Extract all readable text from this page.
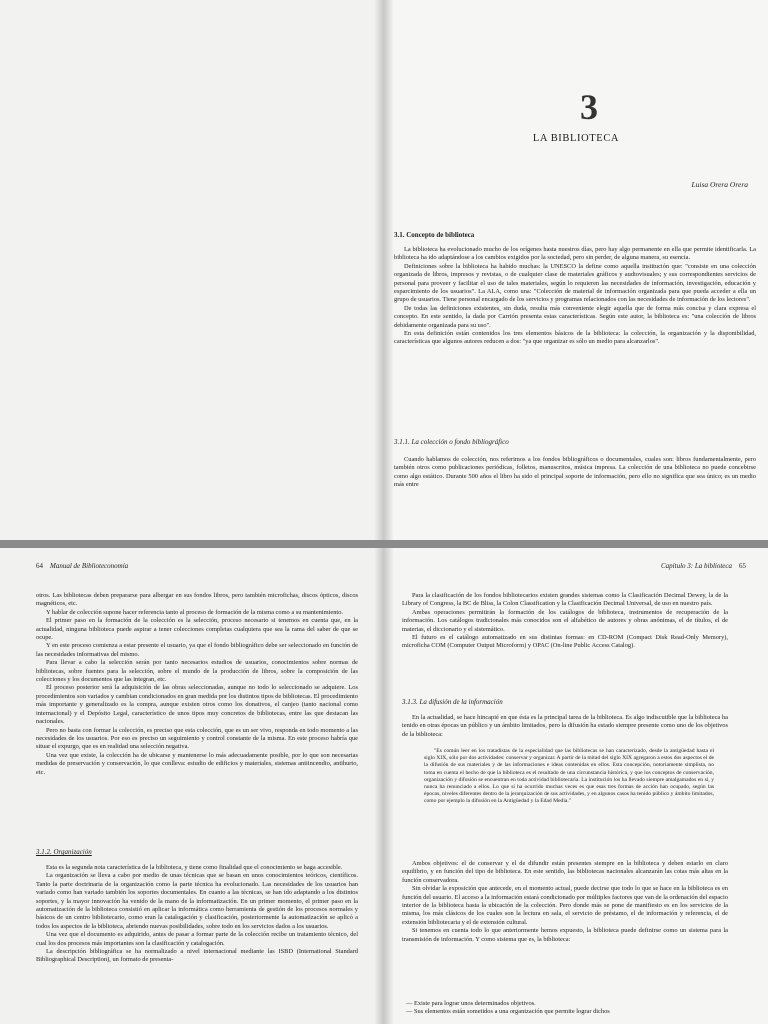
3
LA BIBLIOTECA
Luisa Orera Orera
3.1. Concepto de biblioteca

La biblioteca ha evolucionado mucho de los orígenes hasta nuestros días, pero hay algo permanente en ella que permite identificarla. La biblioteca ha ido adaptándose a los cambios exigidos por la sociedad, pero sin perder, de alguna manera, su esencia.

Definiciones sobre la biblioteca ha habido muchas: la UNESCO la define como aquella institución que: "consiste en una colección organizada de libros, impresos y revistas, o de cualquier clase de materiales gráficos y audiovisuales; y sus correspondientes servicios de personal para proveer y facilitar el uso de tales materiales, según lo requieren las necesidades de información, investigación, educación y esparcimiento de los usuarios". La ALA, como una: "Colección de material de información organizada para que pueda acceder a ella un grupo de usuarios. Tiene personal encargado de los servicios y programas relacionados con las necesidades de información de los lectores".

De todas las definiciones existentes, sin duda, resulta más conveniente elegir aquella que de forma más concisa y clara expresa el concepto. En este sentido, la dada por Carrión presenta estas características. Según este autor, la biblioteca es: "una colección de libros debidamente organizada para su uso".

En esta definición están contenidos los tres elementos básicos de la biblioteca: la colección, la organización y la disponibilidad, características que algunos autores reducen a dos: "ya que organizar es sólo un medio para alcanzarlos".

3.1.1. La colección o fondo bibliográfico

Cuando hablamos de colección, nos referimos a los fondos bibliográficos o documentales, cuales son: libros fundamentalmente, pero también otros como publicaciones periódicas, folletos, manuscritos, música impresa. La colección de una biblioteca no puede concebirse como algo estático. Durante 500 años el libro ha sido el principal soporte de información, pero ello no significa que sea único; es un medio más entre

64 Manual de Biblioteconomía

otros. Las bibliotecas deben prepararse para albergar en sus fondos libros, pero también microfichas, discos ópticos, discos magnéticos, etc.

Y hablar de colección supone hacer referencia tanto al proceso de formación de la misma como a su mantenimiento.

El primer paso en la formación de la colección es la selección, proceso necesario si tenemos en cuenta que, en la actualidad, ninguna biblioteca puede aspirar a tener colecciones completas cualquiera que sea la rama del saber de que se ocupe.

Y en este proceso comienza a estar presente el usuario, ya que el fondo bibliográfico debe ser seleccionado en función de las necesidades informativas del mismo.

Para llevar a cabo la selección serán por tanto necesarios estudios de usuarios, conocimientos sobre normas de bibliotecas, sobre fuentes para la selección, sobre el mundo de la producción de libros, sobre la composición de las colecciones y los documentos que las integran, etc.

El proceso posterior será la adquisición de las obras seleccionadas, aunque no todo lo seleccionado se adquiere. Los procedimientos son variados y cambian condicionados en gran medida por los distintos tipos de bibliotecas. El procedimiento más importante y generalizado es la compra, aunque existen otros como los donativos, el canjeo (tanto nacional como internacional) y el Depósito Legal, característico de unos tipos muy concretos de bibliotecas, entre las que destacan las nacionales.

Pero no basta con formar la colección, es preciso que esta colección, que es un ser vivo, responda en todo momento a las necesidades de los usuarios. Por eso es preciso un seguimiento y control constante de la misma. En este proceso habría que situar el expurgo, que es en realidad una selección negativa.

Una vez que existe, la colección ha de ubicarse y mantenerse lo más adecuadamente posible, por lo que son necesarias medidas de preservación y conservación, lo que conlleva: estudio de edificios y materiales, sistemas antiincendio, antihurto, etc.

3.1.2. Organización

Esta es la segunda nota característica de la biblioteca, y tiene como finalidad que el conocimiento se haga accesible.

La organización se lleva a cabo por medio de unas técnicas que se basan en unos conocimientos teóricos, científicos. Tanto la parte doctrinaria de la organización como la parte técnica ha evolucionado. Las necesidades de los usuarios han variado como han variado también los soportes documentales. En cuanto a las técnicas, se han ido adaptando a los distintos soportes, y la mayor innovación ha venido de la mano de la informatización. En un primer momento, el primer paso en la automatización de la biblioteca consistió en aplicar la informática como herramienta de gestión de los procesos normales y básicos de un centro bibliotecario, como eran la catalogación y clasificación, posteriormente la automatización se aplicó a todos los aspectos de la biblioteca, abriendo nuevas posibilidades, sobre todo en los servicios dados a los usuarios.

Una vez que el documento es adquirido, antes de pasar a formar parte de la colección recibe un tratamiento técnico, del cual los dos procesos más importantes son la clasificación y catalogación.

La descripción bibliográfica se ha normalizado a nivel internacional mediante las ISBD (International Standard Bibliographical Description), un formato de presenta-

Capítulo 3: La biblioteca 65

Para la clasificación de los fondos bibliotecarios existen grandes sistemas como la Clasificación Decimal Dewey, la de la Library of Congress, la BC de Bliss, la Colon Classification y la Clasificación Decimal Universal, de uso en nuestro país.

Ambas operaciones permitirán la formación de los catálogos de biblioteca, instrumentos de recuperación de la información. Los catálogos tradicionales más conocidos son el alfabético de autores y obras anónimas, el de títulos, el de materias, el diccionario y el sistemático.

El futuro es el catálogo automatizado en sus distintas formas: en CD-ROM (Compact Disk Read-Only Memory), microficha COM (Computer Output Microform) y OPAC (On-line Public Access Catalog).

3.1.3. La difusión de la información

En la actualidad, se hace hincapié en que ésta es la principal tarea de la biblioteca. Es algo indiscutible que la biblioteca ha tenido en otras épocas un público y un ámbito limitados, pero la difusión ha estado siempre presente como uno de los objetivos de la biblioteca:

"Es común leer en los tratadistas de la especialidad que las bibliotecas se han caracterizado, desde la antigüedad hasta el siglo XIX, sólo por dos actividades: conservar y organizar. A partir de la mitad del siglo XIX agregaron a estos dos aspectos el de la difusión de sus materiales y de las informaciones e ideas contenidas en ellos. Esta concepción, notoriamente simplista, no toma en cuenta el hecho de que la biblioteca es el resultado de una circunstancia histórica, y que los conceptos de conservación, organización y difusión se encuentran en toda actividad bibliotecaria. La institución los ha llevado siempre amalgamados en sí, y nunca ha renunciado a ellos. Lo que sí ha ocurrido muchas veces es que esas tres formas de acción han ocupado, según las épocas, niveles diferentes dentro de la jerarquización de sus actividades, y en algunos casos ha tenido público y ámbito limitados, como por ejemplo la difusión en la Antigüedad y la Edad Media."

Ambos objetivos: el de conservar y el de difundir están presentes siempre en la biblioteca y deben estarlo en claro equilibrio, y en función del tipo de biblioteca. En este sentido, las bibliotecas nacionales alcanzarán las cotas más altas en la función conservadora.

Sin olvidar la exposición que antecede, en el momento actual, puede decirse que todo lo que se hace en la biblioteca es en función del usuario. El acceso a la información estará condicionado por múltiples factores que van de la ordenación del espacio interior de la biblioteca hasta la ubicación de la colección. Pero donde más se pone de manifiesto es en los servicios de la misma, los más clásicos de los cuales son la lectura en sala, el servicio de préstamo, el de información y referencia, el de extensión bibliotecaria y el de extensión cultural.

Si tenemos en cuenta todo lo que anteriormente hemos expuesto, la biblioteca puede definirse como un sistema para la transmisión de información. Y como sistema que es, la biblioteca:

— Existe para lograr unos determinados objetivos.
— Sus elementos están sometidos a una organización que permite lograr dichos
